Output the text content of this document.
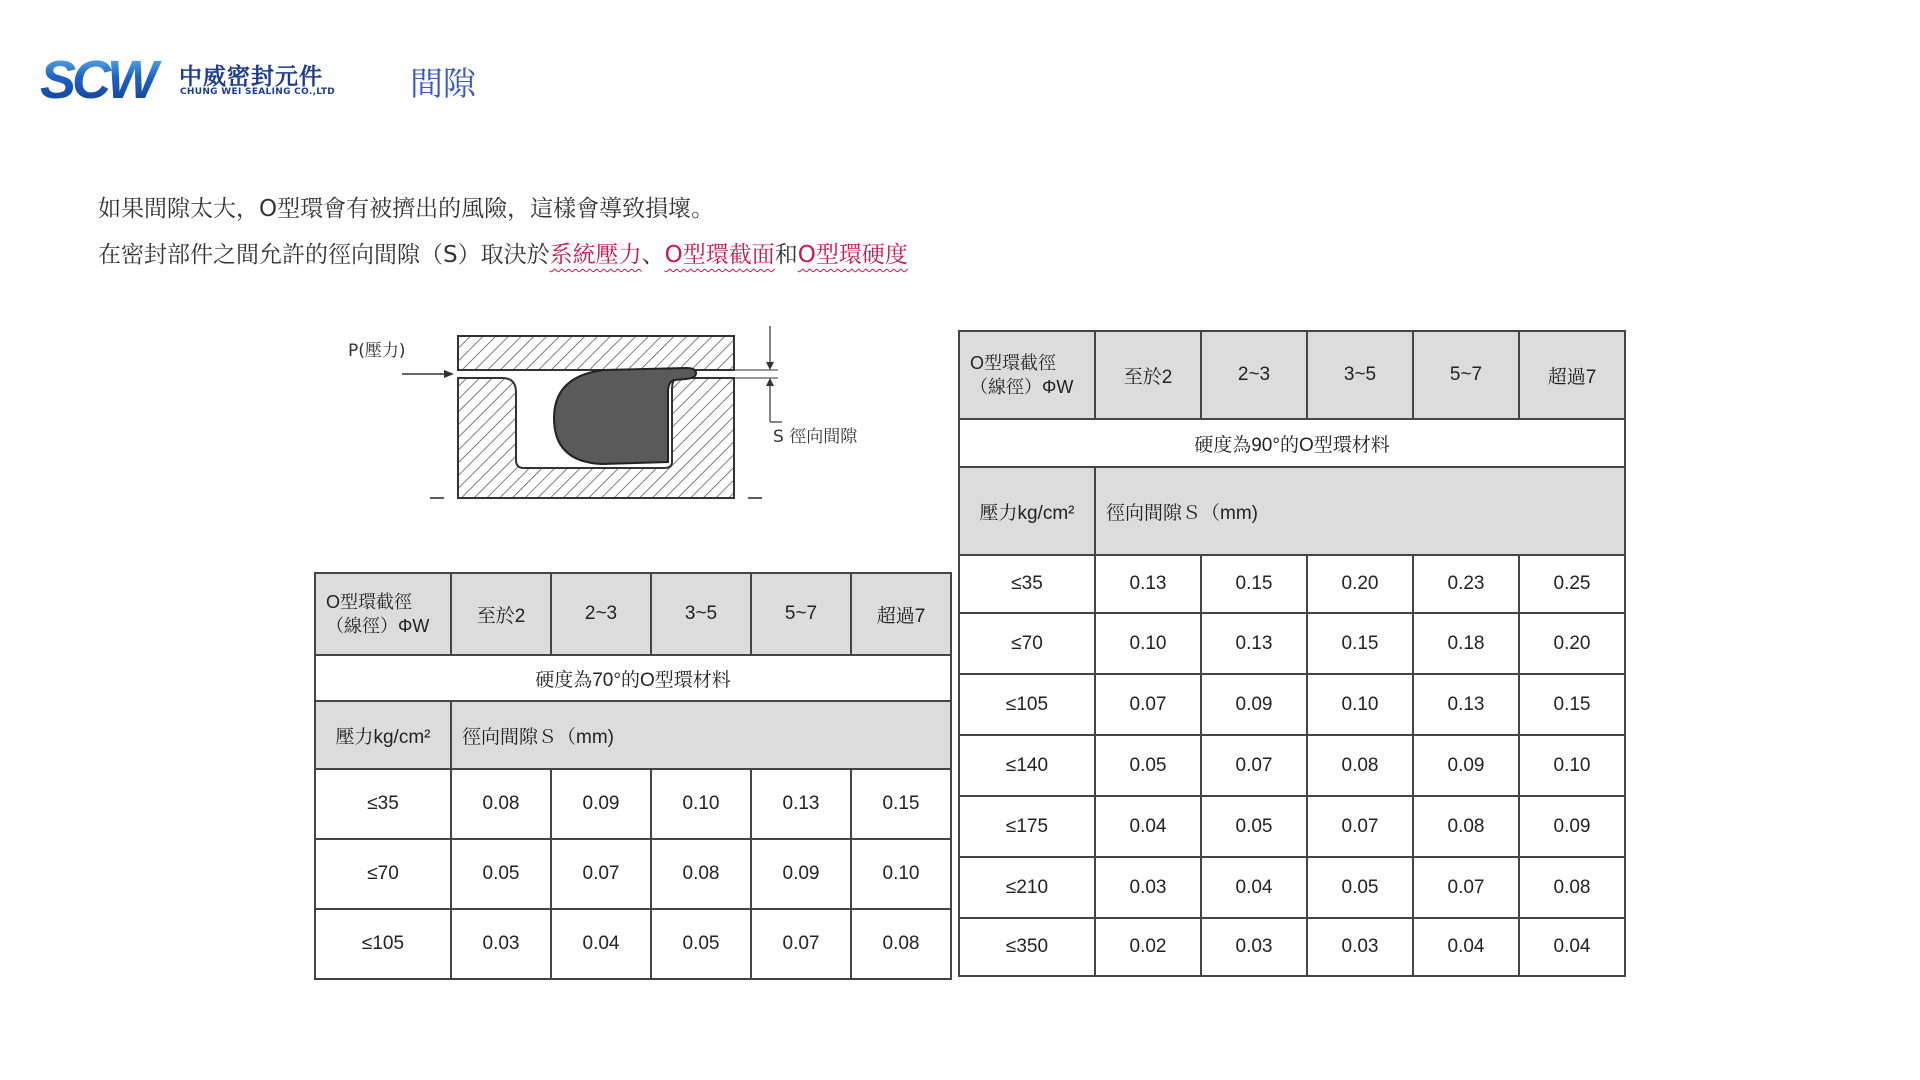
SCW	中威密封元件
CHUNG WEI SEALING CO.,LTD 間隙
如果間隙太大，O型環會有被擠出的風險，這樣會導致損壞。
在密封部件之間允許的徑向間隙（S）取決於系統壓力、O型環截面和O型環硬度
P(壓力)
S 徑向間隙
O型環截徑（線徑）ΦW	至於2	2~3	3~5	5~7	超過7
硬度為70°的O型環材料					
壓力kg/cm²	徑向間隙Ｓ（mm)				
≤35	0.08	0.09	0.10	0.13	0.15
≤70	0.05	0.07	0.08	0.09	0.10
≤105	0.03	0.04	0.05	0.07	0.08
O型環截徑（線徑）ΦW	至於2	2~3	3~5	5~7	超過7
硬度為90°的O型環材料					
壓力kg/cm²	徑向間隙Ｓ（mm)				
≤35	0.13	0.15	0.20	0.23	0.25
≤70	0.10	0.13	0.15	0.18	0.20
≤105	0.07	0.09	0.10	0.13	0.15
≤140	0.05	0.07	0.08	0.09	0.10
≤175	0.04	0.05	0.07	0.08	0.09
≤210	0.03	0.04	0.05	0.07	0.08
≤350	0.02	0.03	0.03	0.04	0.04
